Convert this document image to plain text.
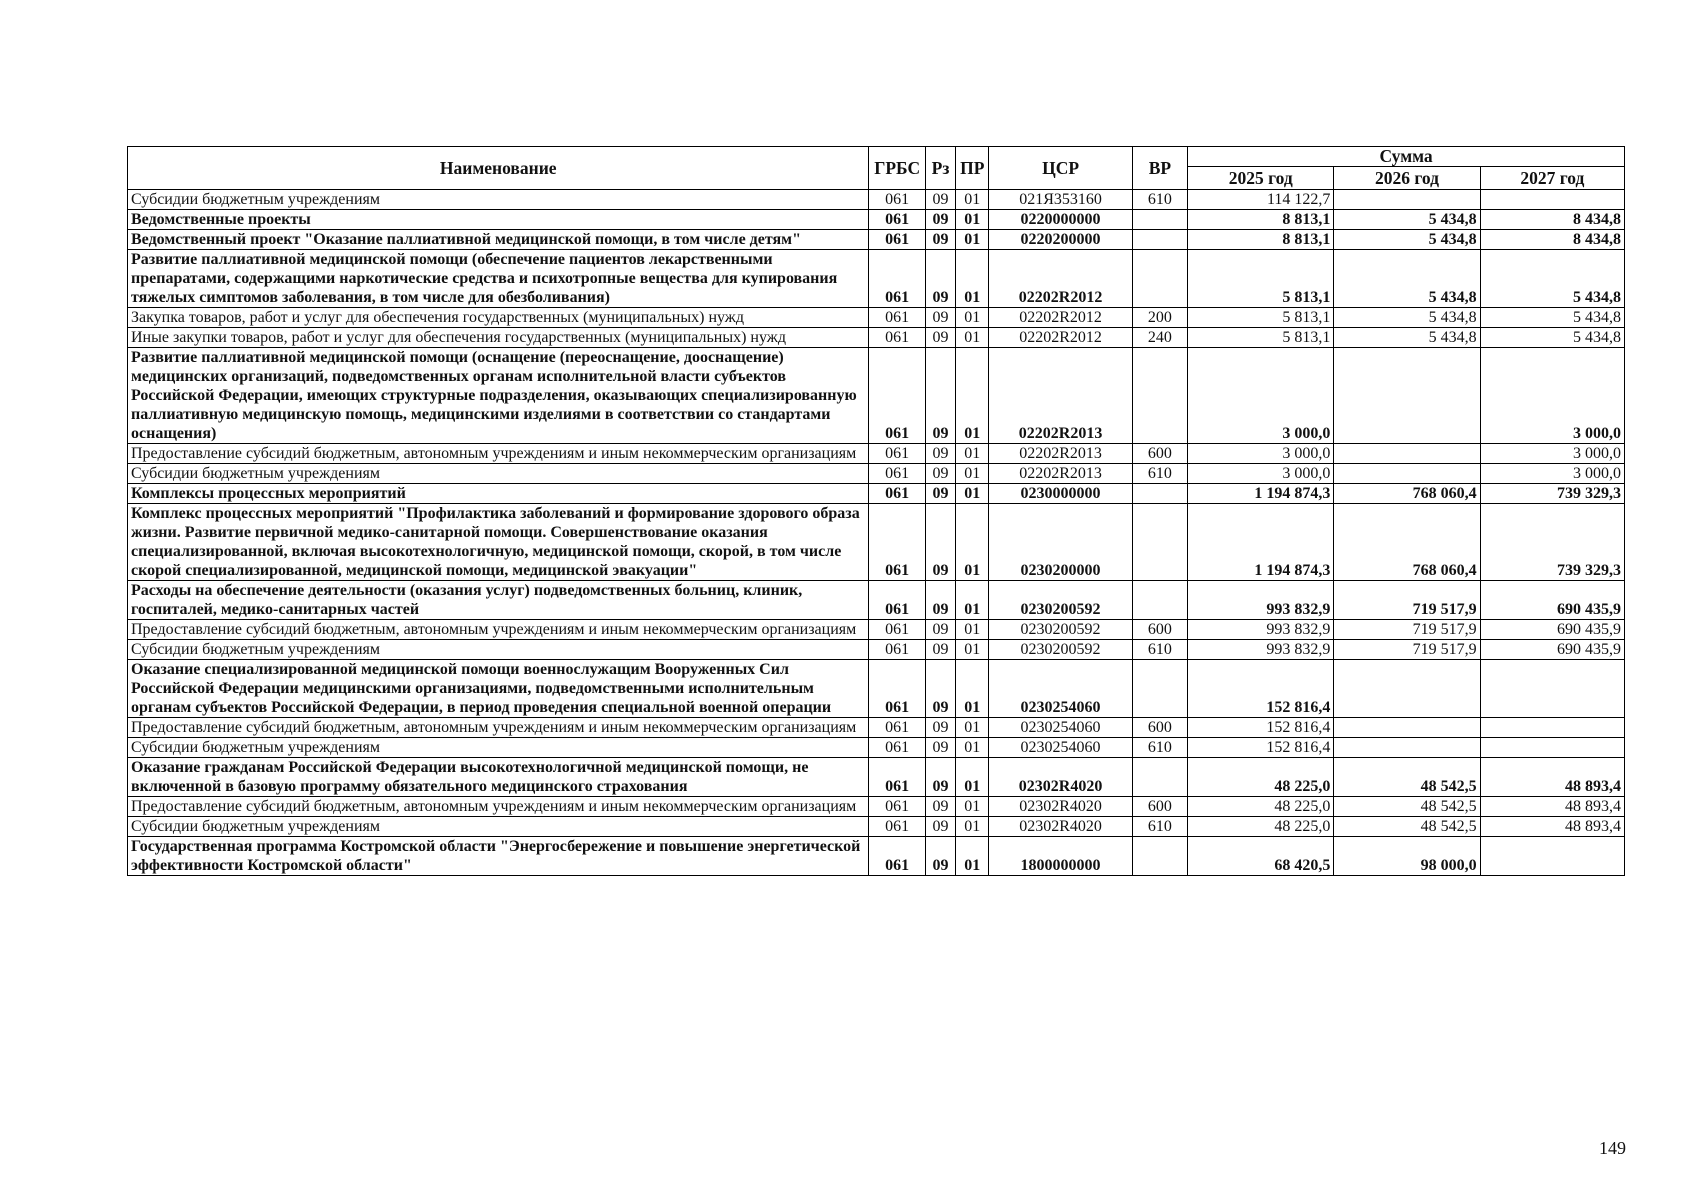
Наименование	ГРБС	Рз	ПР	ЦСР	ВР	Сумма		
						2025 год	2026 год	2027 год
Субсидии бюджетным учреждениям	061	09	01	021Я353160	610	114 122,7		
Ведомственные проекты	061	09	01	0220000000		8 813,1	5 434,8	8 434,8
Ведомственный проект "Оказание паллиативной медицинской помощи, в том числе детям"	061	09	01	0220200000		8 813,1	5 434,8	8 434,8
Развитие паллиативной медицинской помощи (обеспечение пациентов лекарственными препаратами, содержащими наркотические средства и психотропные вещества для купирования тяжелых симптомов заболевания, в том числе для обезболивания)	061	09	01	02202R2012		5 813,1	5 434,8	5 434,8
Закупка товаров, работ и услуг для обеспечения государственных (муниципальных) нужд	061	09	01	02202R2012	200	5 813,1	5 434,8	5 434,8
Иные закупки товаров, работ и услуг для обеспечения государственных (муниципальных) нужд	061	09	01	02202R2012	240	5 813,1	5 434,8	5 434,8
Развитие паллиативной медицинской помощи (оснащение (переоснащение, дооснащение) медицинских организаций, подведомственных органам исполнительной власти субъектов Российской Федерации, имеющих структурные подразделения, оказывающих специализированную паллиативную медицинскую помощь, медицинскими изделиями в соответствии со стандартами оснащения)	061	09	01	02202R2013		3 000,0		3 000,0
Предоставление субсидий бюджетным, автономным учреждениям и иным некоммерческим организациям	061	09	01	02202R2013	600	3 000,0		3 000,0
Субсидии бюджетным учреждениям	061	09	01	02202R2013	610	3 000,0		3 000,0
Комплексы процессных мероприятий	061	09	01	0230000000		1 194 874,3	768 060,4	739 329,3
Комплекс процессных мероприятий "Профилактика заболеваний и формирование здорового образа жизни. Развитие первичной медико-санитарной помощи. Совершенствование оказания специализированной, включая высокотехнологичную, медицинской помощи, скорой, в том числе скорой специализированной, медицинской помощи, медицинской эвакуации"	061	09	01	0230200000		1 194 874,3	768 060,4	739 329,3
Расходы на обеспечение деятельности (оказания услуг) подведомственных больниц, клиник, госпиталей, медико-санитарных частей	061	09	01	0230200592		993 832,9	719 517,9	690 435,9
Предоставление субсидий бюджетным, автономным учреждениям и иным некоммерческим организациям	061	09	01	0230200592	600	993 832,9	719 517,9	690 435,9
Субсидии бюджетным учреждениям	061	09	01	0230200592	610	993 832,9	719 517,9	690 435,9
Оказание специализированной медицинской помощи военнослужащим Вооруженных Сил Российской Федерации медицинскими организациями, подведомственными исполнительным органам субъектов Российской Федерации, в период проведения специальной военной операции	061	09	01	0230254060		152 816,4		
Предоставление субсидий бюджетным, автономным учреждениям и иным некоммерческим организациям	061	09	01	0230254060	600	152 816,4		
Субсидии бюджетным учреждениям	061	09	01	0230254060	610	152 816,4		
Оказание гражданам Российской Федерации высокотехнологичной медицинской помощи, не включенной в базовую программу обязательного медицинского страхования	061	09	01	02302R4020		48 225,0	48 542,5	48 893,4
Предоставление субсидий бюджетным, автономным учреждениям и иным некоммерческим организациям	061	09	01	02302R4020	600	48 225,0	48 542,5	48 893,4
Субсидии бюджетным учреждениям	061	09	01	02302R4020	610	48 225,0	48 542,5	48 893,4
Государственная программа Костромской области "Энергосбережение и повышение энергетической эффективности Костромской области"	061	09	01	1800000000		68 420,5	98 000,0	
149
